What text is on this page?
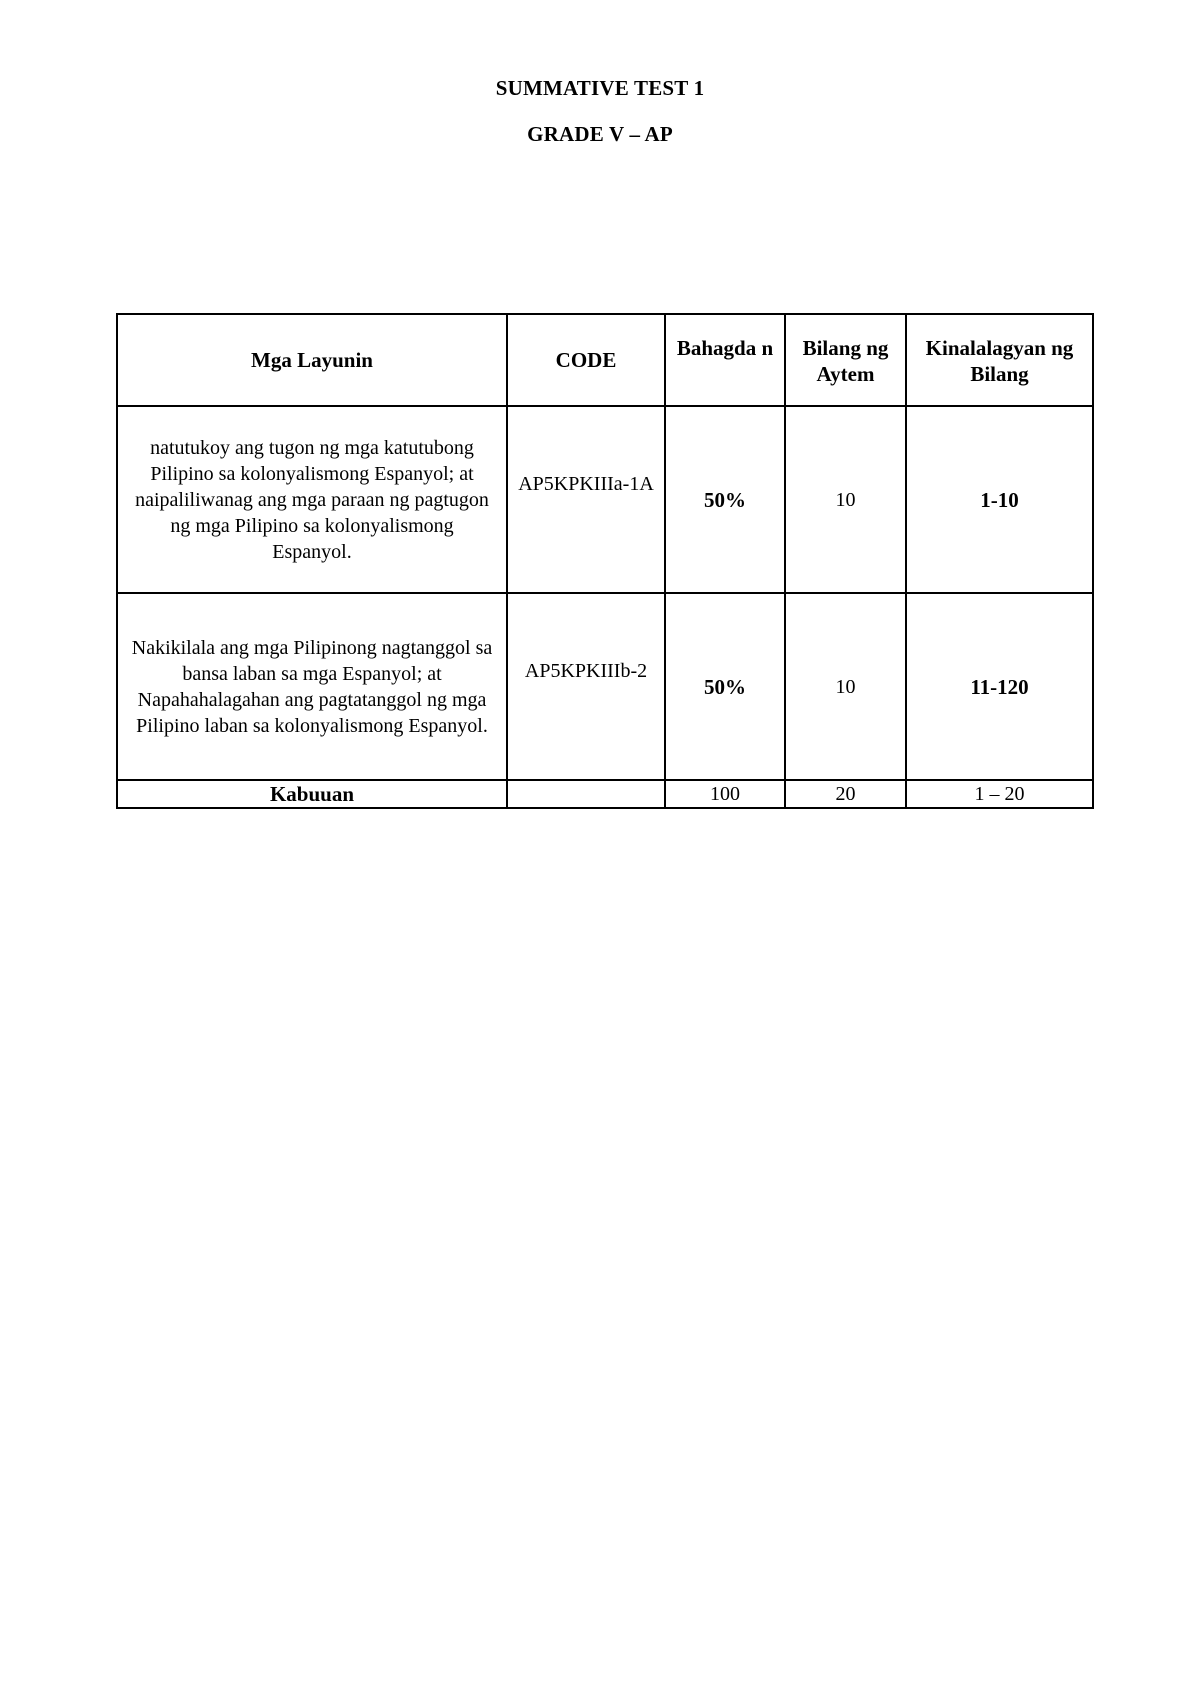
SUMMATIVE TEST 1
GRADE V – AP
Mga Layunin	CODE	Bahagda n	Bilang ng Aytem	Kinalalagyan ng Bilang
natutukoy ang tugon ng mga katutubong Pilipino sa kolonyalismong Espanyol; at naipaliliwanag ang mga paraan ng pagtugon ng mga Pilipino sa kolonyalismong Espanyol.	AP5KPKIIIa-1A	50%	10	1-10
Nakikilala ang mga Pilipinong nagtanggol sa bansa laban sa mga Espanyol; at Napahahalagahan ang pagtatanggol ng mga Pilipino laban sa kolonyalismong Espanyol.	AP5KPKIIIb-2	50%	10	11-120
Kabuuan		100	20	1 – 20
